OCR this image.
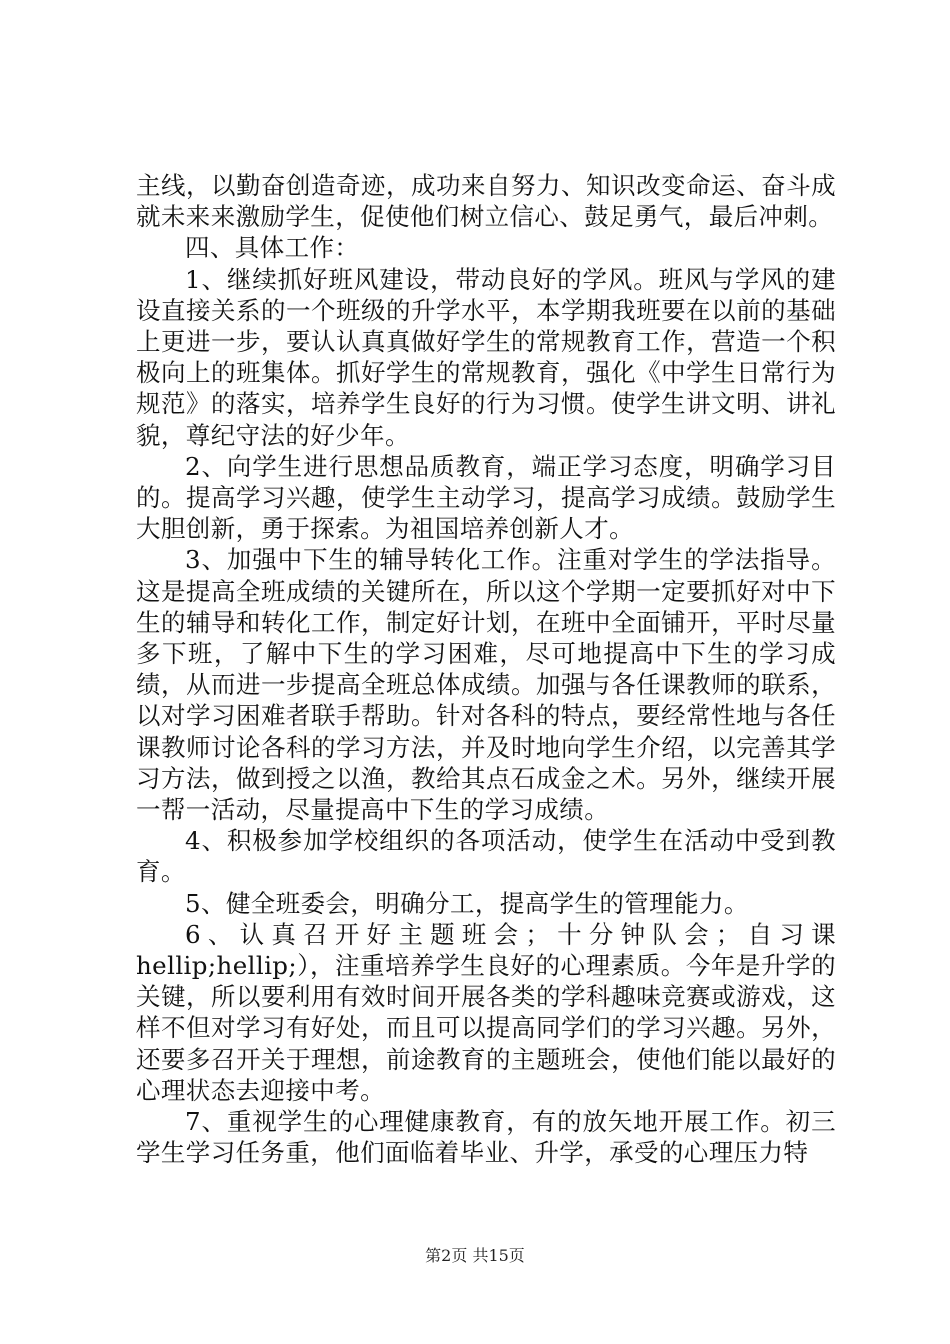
主线，以勤奋创造奇迹，成功来自努力、知识改变命运、奋斗成就未来来激励学生，促使他们树立信心、鼓足勇气，最后冲刺。

四、具体工作：

1、继续抓好班风建设，带动良好的学风。班风与学风的建设直接关系的一个班级的升学水平，本学期我班要在以前的基础上更进一步，要认认真真做好学生的常规教育工作，营造一个积极向上的班集体。抓好学生的常规教育，强化《中学生日常行为规范》的落实，培养学生良好的行为习惯。使学生讲文明、讲礼貌，尊纪守法的好少年。

2、向学生进行思想品质教育，端正学习态度，明确学习目的。提高学习兴趣，使学生主动学习，提高学习成绩。鼓励学生大胆创新，勇于探索。为祖国培养创新人才。

3、加强中下生的辅导转化工作。注重对学生的学法指导。这是提高全班成绩的关键所在，所以这个学期一定要抓好对中下生的辅导和转化工作，制定好计划，在班中全面铺开，平时尽量多下班，了解中下生的学习困难，尽可地提高中下生的学习成绩，从而进一步提高全班总体成绩。加强与各任课教师的联系，以对学习困难者联手帮助。针对各科的特点，要经常性地与各任课教师讨论各科的学习方法，并及时地向学生介绍，以完善其学习方法，做到授之以渔，教给其点石成金之术。另外，继续开展一帮一活动，尽量提高中下生的学习成绩。

4、积极参加学校组织的各项活动，使学生在活动中受到教育。

5、健全班委会，明确分工，提高学生的管理能力。

6、认真召开好主题班会；十分钟队会；自习课hellip;hellip;），注重培养学生良好的心理素质。今年是升学的关键，所以要利用有效时间开展各类的学科趣味竞赛或游戏，这样不但对学习有好处，而且可以提高同学们的学习兴趣。另外，还要多召开关于理想，前途教育的主题班会，使他们能以最好的心理状态去迎接中考。

7、重视学生的心理健康教育，有的放矢地开展工作。初三学生学习任务重，他们面临着毕业、升学，承受的心理压力特

第2页 共15页
